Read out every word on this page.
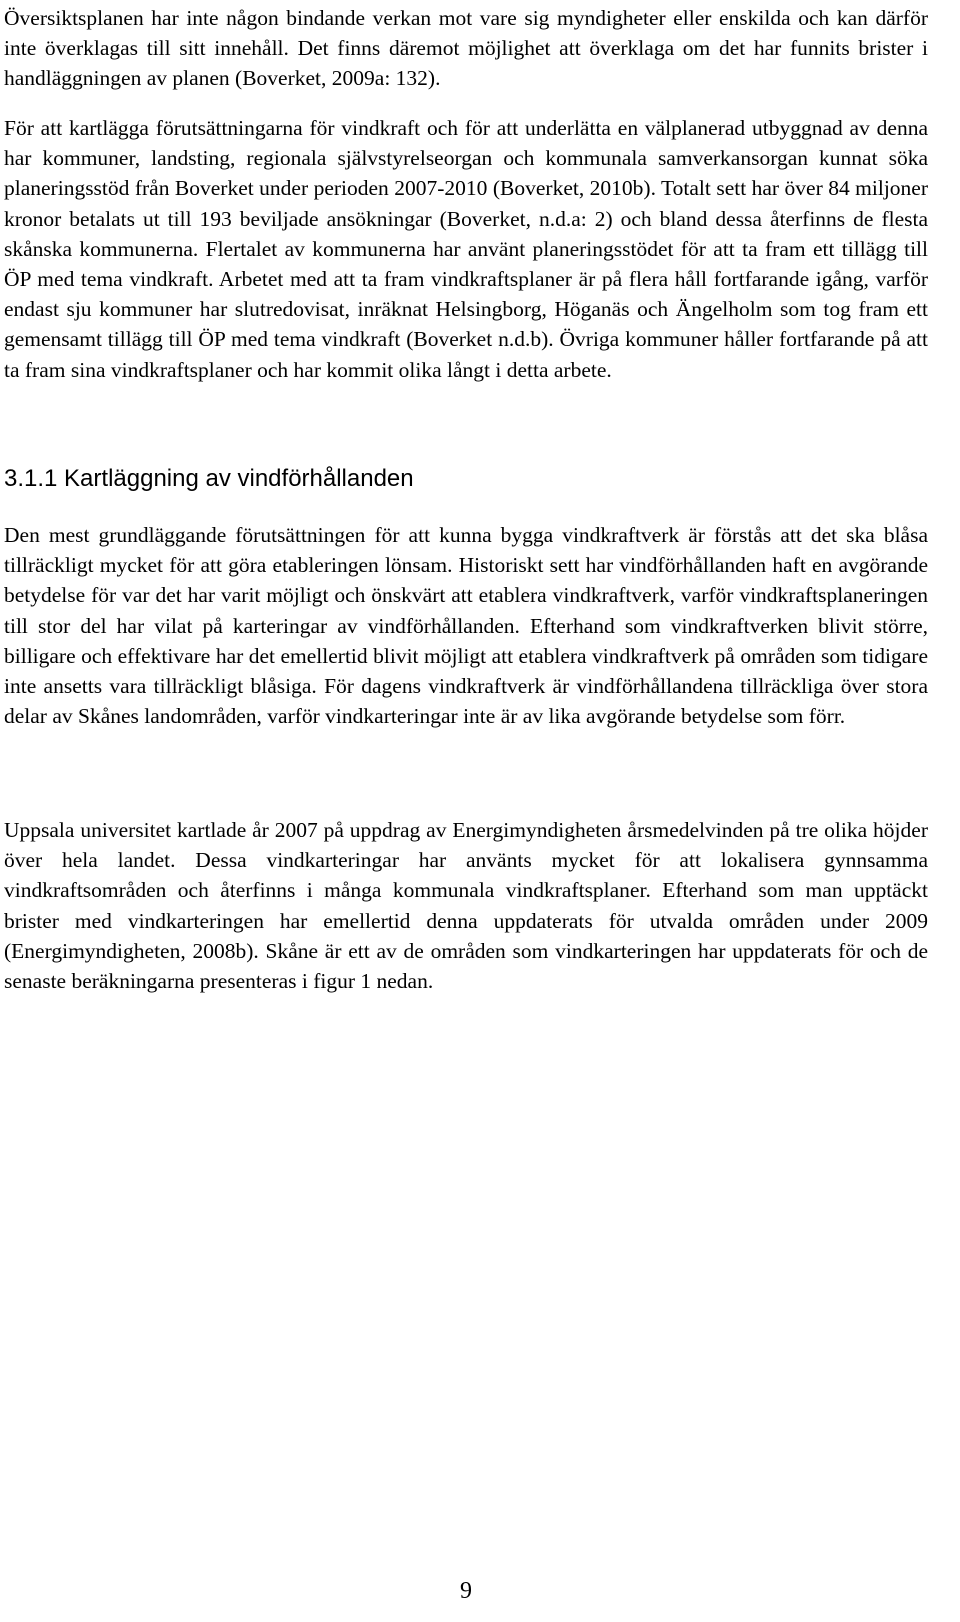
Översiktsplanen har inte någon bindande verkan mot vare sig myndigheter eller enskilda och kan därför inte överklagas till sitt innehåll. Det finns däremot möjlighet att överklaga om det har funnits brister i handläggningen av planen (Boverket, 2009a: 132).

För att kartlägga förutsättningarna för vindkraft och för att underlätta en välplanerad utbyggnad av denna har kommuner, landsting, regionala självstyrelseorgan och kommunala samverkansorgan kunnat söka planeringsstöd från Boverket under perioden 2007-2010 (Boverket, 2010b). Totalt sett har över 84 miljoner kronor betalats ut till 193 beviljade ansökningar (Boverket, n.d.a: 2) och bland dessa återfinns de flesta skånska kommunerna. Flertalet av kommunerna har använt planeringsstödet för att ta fram ett tillägg till ÖP med tema vindkraft. Arbetet med att ta fram vindkraftsplaner är på flera håll fortfarande igång, varför endast sju kommuner har slutredovisat, inräknat Helsingborg, Höganäs och Ängelholm som tog fram ett gemensamt tillägg till ÖP med tema vindkraft (Boverket n.d.b). Övriga kommuner håller fortfarande på att ta fram sina vindkraftsplaner och har kommit olika långt i detta arbete.

3.1.1 Kartläggning av vindförhållanden

Den mest grundläggande förutsättningen för att kunna bygga vindkraftverk är förstås att det ska blåsa tillräckligt mycket för att göra etableringen lönsam. Historiskt sett har vindförhållanden haft en avgörande betydelse för var det har varit möjligt och önskvärt att etablera vindkraftverk, varför vindkraftsplaneringen till stor del har vilat på karteringar av vindförhållanden. Efterhand som vindkraftverken blivit större, billigare och effektivare har det emellertid blivit möjligt att etablera vindkraftverk på områden som tidigare inte ansetts vara tillräckligt blåsiga. För dagens vindkraftverk är vindförhållandena tillräckliga över stora delar av Skånes landområden, varför vindkarteringar inte är av lika avgörande betydelse som förr.

Uppsala universitet kartlade år 2007 på uppdrag av Energimyndigheten årsmedelvinden på tre olika höjder över hela landet. Dessa vindkarteringar har använts mycket för att lokalisera gynnsamma vindkraftsområden och återfinns i många kommunala vindkraftsplaner. Efterhand som man upptäckt brister med vindkarteringen har emellertid denna uppdaterats för utvalda områden under 2009 (Energimyndigheten, 2008b). Skåne är ett av de områden som vindkarteringen har uppdaterats för och de senaste beräkningarna presenteras i figur 1 nedan.

9
